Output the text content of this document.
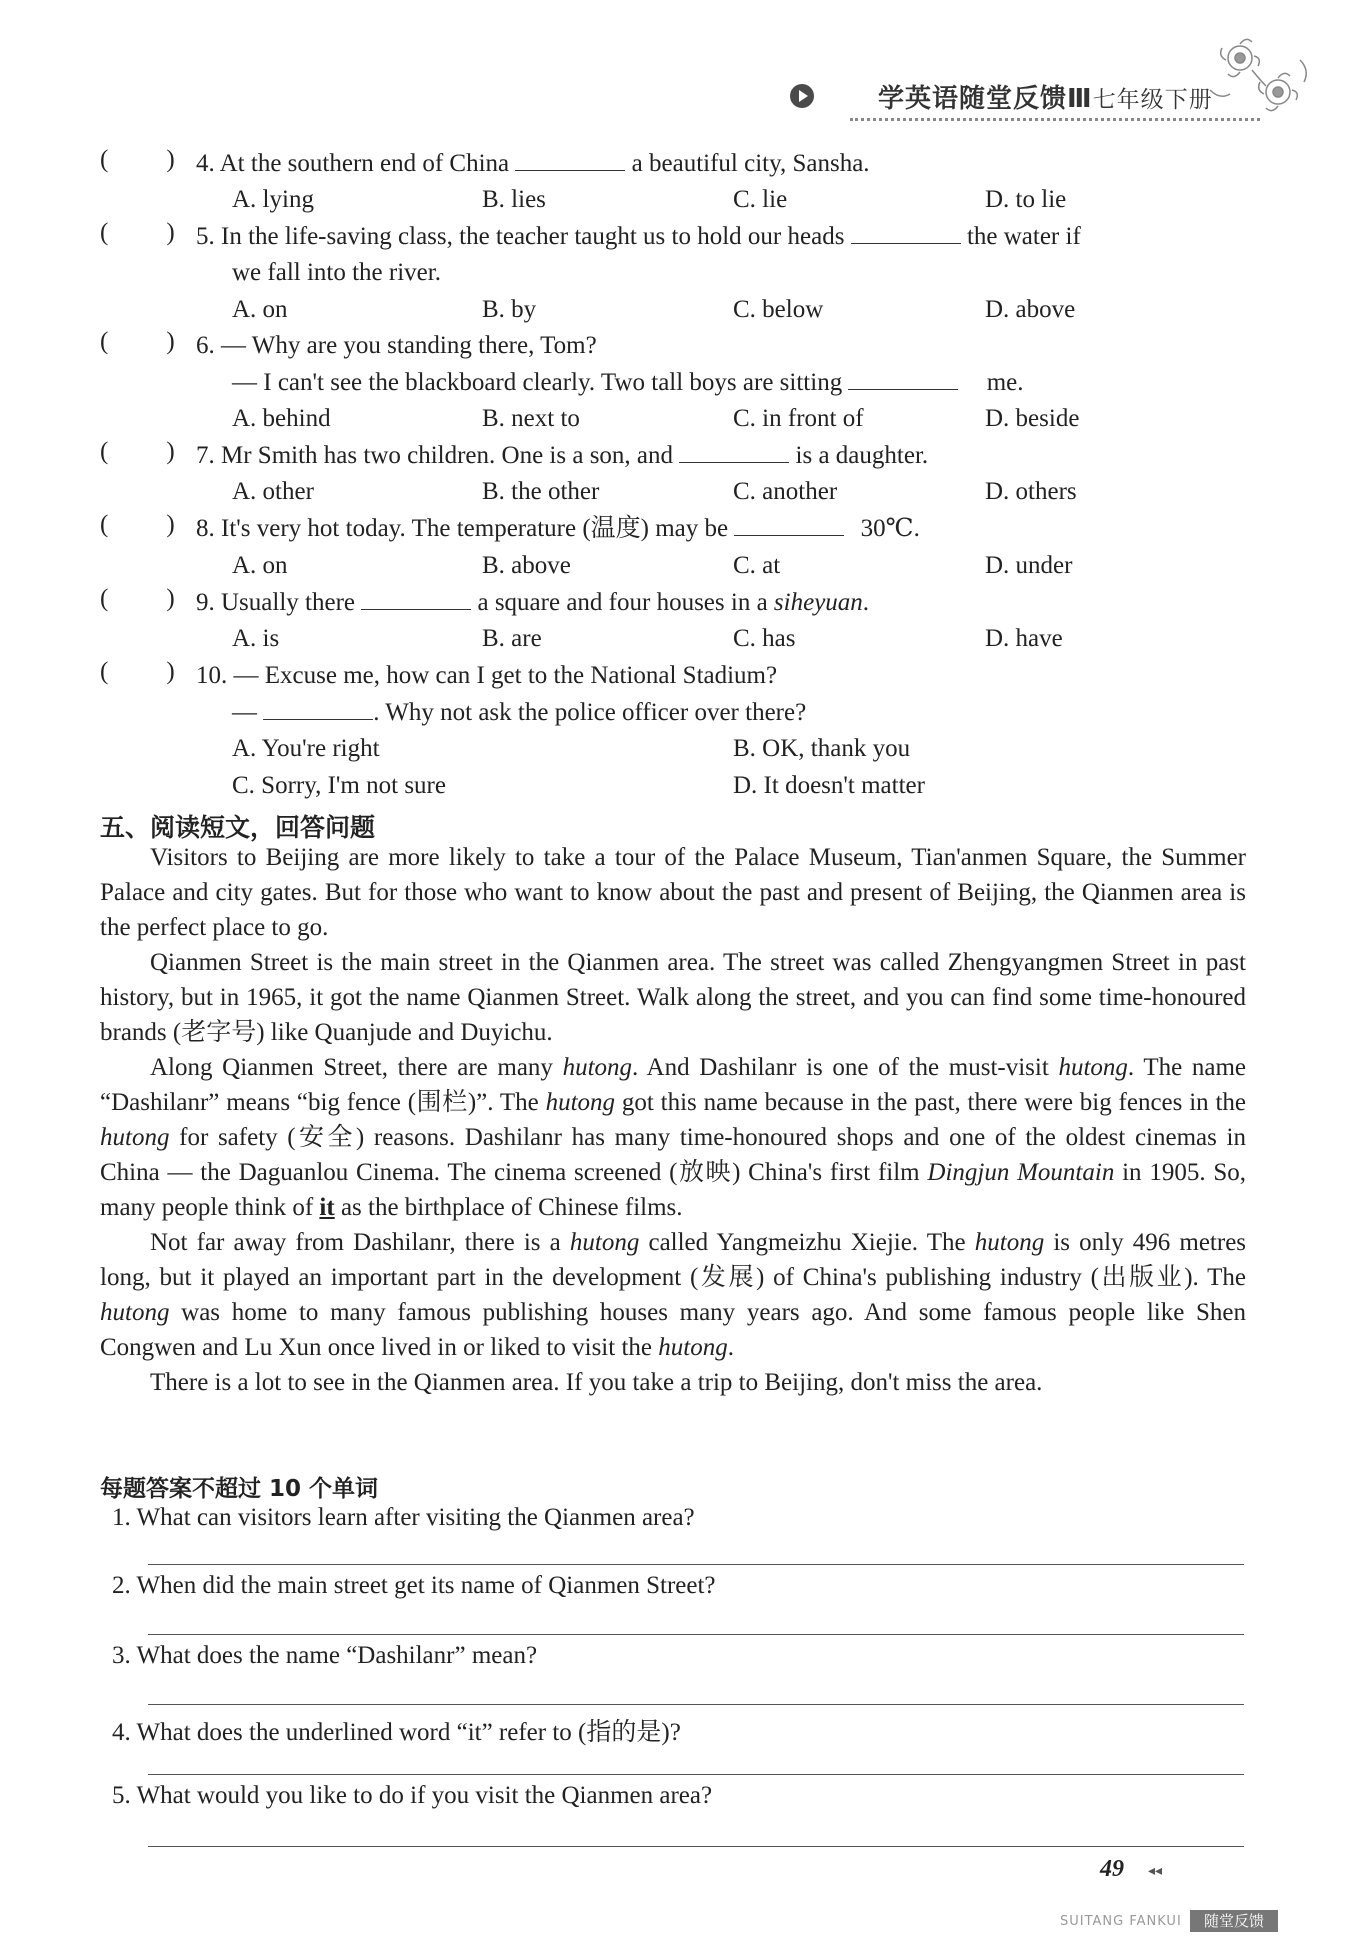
学英语随堂反馈Ⅲ七年级下册
( ) 4. At the southern end of China	a beautiful city, Sansha.
A. lying	B. lies	C. lie	D. to lie
( ) 5. In the life-saving class, the teacher taught us to hold our heads	the water if
we fall into the river.
A. on	B. by	C. below	D. above
( ) 6. — Why are you standing there, Tom?
— I can't see the blackboard clearly. Two tall boys are sitting	me.
A. behind	B. next to	C. in front of	D. beside
( ) 7. Mr Smith has two children. One is a son, and	is a daughter.
A. other	B. the other	C. another	D. others
( ) 8. It's very hot today. The temperature (温度) may be	30℃.
A. on	B. above	C. at	D. under
( ) 9. Usually there	a square and four houses in a siheyuan.
A. is	B. are	C. has	D. have
( ) 10. — Excuse me, how can I get to the National Stadium?
—	. Why not ask the police officer over there?
A. You're right	B. OK, thank you
C. Sorry, I'm not sure	D. It doesn't matter
五、阅读短文，回答问题

Visitors to Beijing are more likely to take a tour of the Palace Museum, Tian'anmen Square, the Summer Palace and city gates. But for those who want to know about the past and present of Beijing, the Qianmen area is the perfect place to go.

Qianmen Street is the main street in the Qianmen area. The street was called Zhengyangmen Street in past history, but in 1965, it got the name Qianmen Street. Walk along the street, and you can find some time-honoured brands (老字号) like Quanjude and Duyichu.

Along Qianmen Street, there are many hutong. And Dashilanr is one of the must-visit hutong. The name “Dashilanr” means “big fence (围栏)”. The hutong got this name because in the past, there were big fences in the hutong for safety (安全) reasons. Dashilanr has many time-honoured shops and one of the oldest cinemas in China — the Daguanlou Cinema. The cinema screened (放映) China's first film Dingjun Mountain in 1905. So, many people think of it as the birthplace of Chinese films.

Not far away from Dashilanr, there is a hutong called Yangmeizhu Xiejie. The hutong is only 496 metres long, but it played an important part in the development (发展) of China's publishing industry (出版业). The hutong was home to many famous publishing houses many years ago. And some famous people like Shen Congwen and Lu Xun once lived in or liked to visit the hutong.

There is a lot to see in the Qianmen area. If you take a trip to Beijing, don't miss the area.

每题答案不超过 10 个单词
1. What can visitors learn after visiting the Qianmen area?
2. When did the main street get its name of Qianmen Street?
3. What does the name “Dashilanr” mean?
4. What does the underlined word “it” refer to (指的是)?
5. What would you like to do if you visit the Qianmen area?
49 ◂◂
SUITANG FANKUI	随堂反馈
